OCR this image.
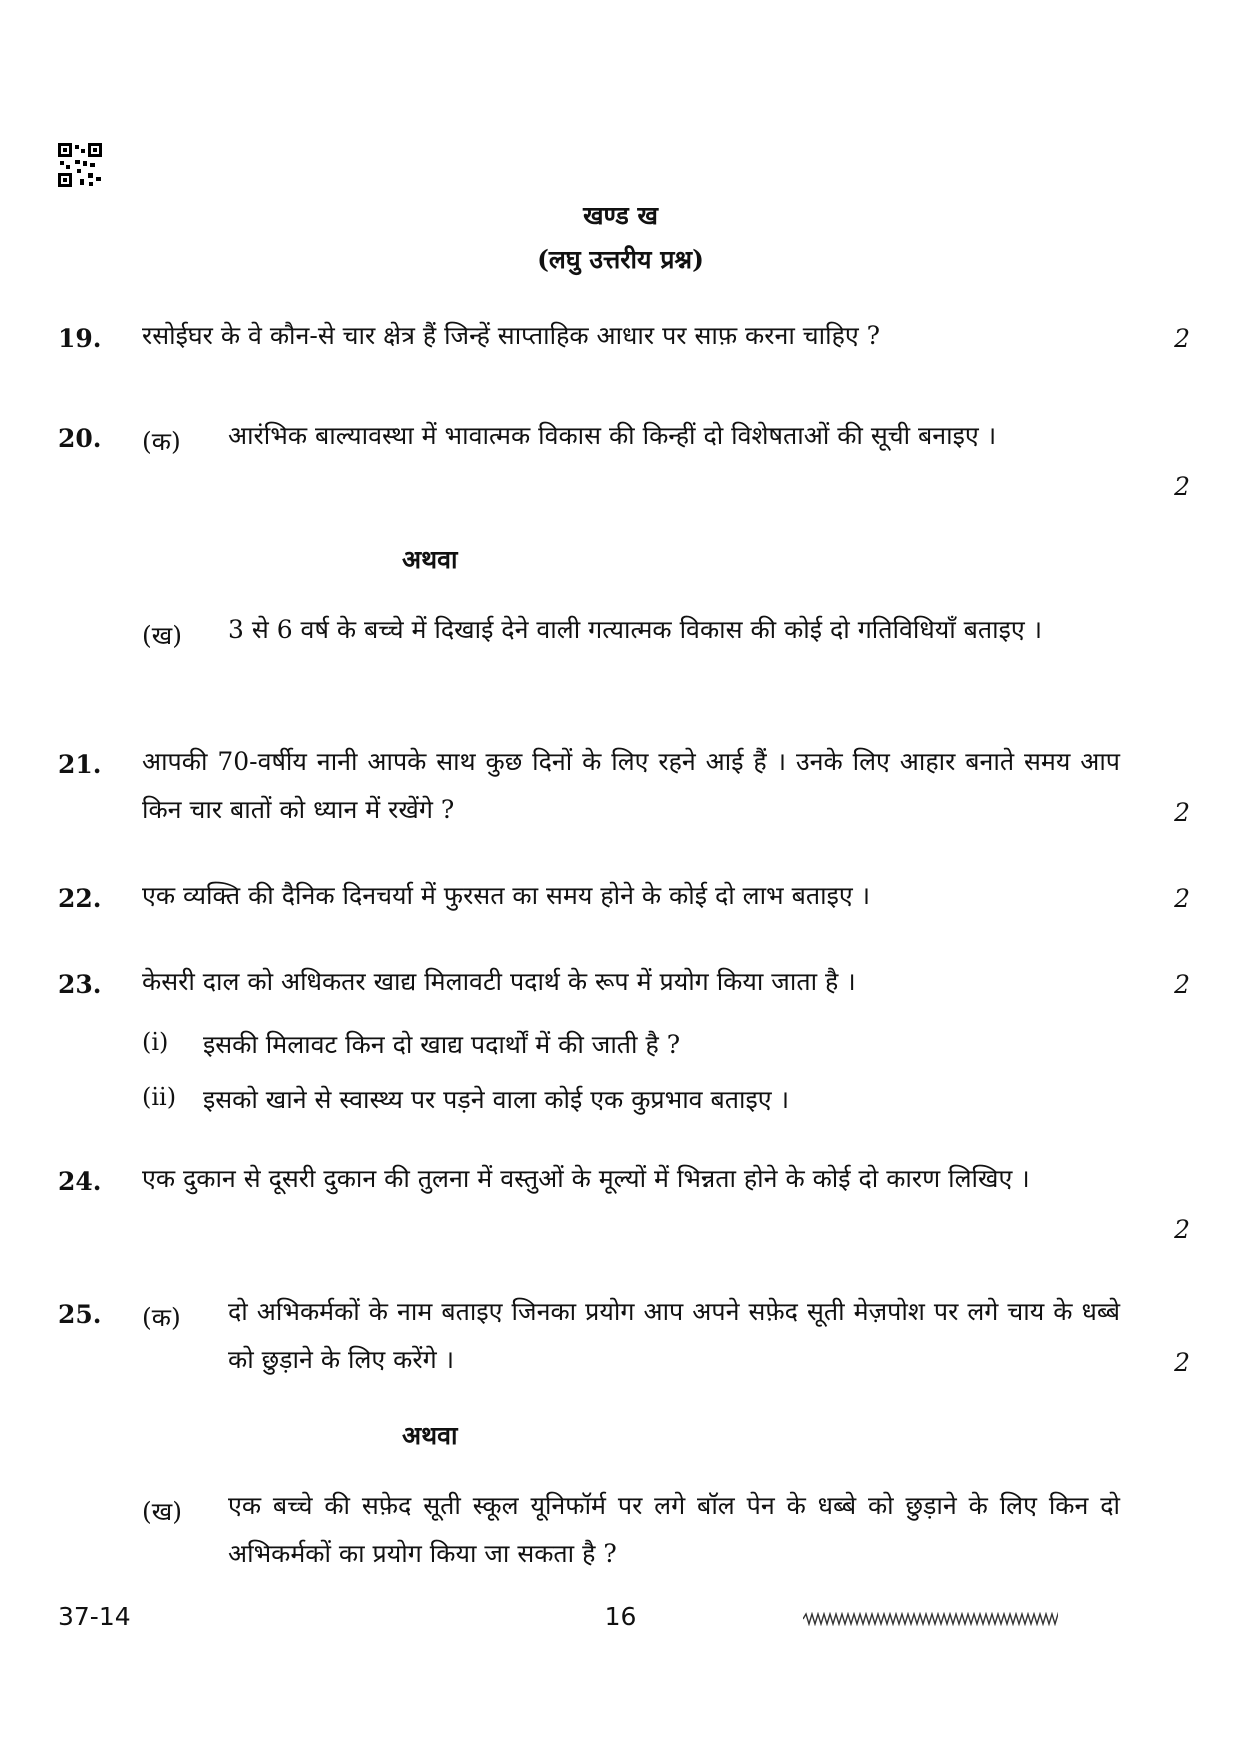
खण्ड ख
(लघु उत्तरीय प्रश्न)
19. रसोईघर के वे कौन-से चार क्षेत्र हैं जिन्हें साप्ताहिक आधार पर साफ़ करना चाहिए ?	2
20. (क) आरंभिक बाल्यावस्था में भावात्मक विकास की किन्हीं दो विशेषताओं की सूची बनाइए ।
2
अथवा
(ख) 3 से 6 वर्ष के बच्चे में दिखाई देने वाली गत्यात्मक विकास की कोई दो गतिविधियाँ बताइए ।
21. आपकी 70-वर्षीय नानी आपके साथ कुछ दिनों के लिए रहने आई हैं । उनके लिए आहार बनाते समय आप किन चार बातों को ध्यान में रखेंगे ?	2
22. एक व्यक्ति की दैनिक दिनचर्या में फुरसत का समय होने के कोई दो लाभ बताइए ।	2
23. केसरी दाल को अधिकतर खाद्य मिलावटी पदार्थ के रूप में प्रयोग किया जाता है ।	2
(i) इसकी मिलावट किन दो खाद्य पदार्थों में की जाती है ?
(ii) इसको खाने से स्वास्थ्य पर पड़ने वाला कोई एक कुप्रभाव बताइए ।
24. एक दुकान से दूसरी दुकान की तुलना में वस्तुओं के मूल्यों में भिन्नता होने के कोई दो कारण लिखिए ।
2
25. (क) दो अभिकर्मकों के नाम बताइए जिनका प्रयोग आप अपने सफ़ेद सूती मेज़पोश पर लगे चाय के धब्बे को छुड़ाने के लिए करेंगे ।	2
अथवा
(ख) एक बच्चे की सफ़ेद सूती स्कूल यूनिफॉर्म पर लगे बॉल पेन के धब्बे को छुड़ाने के लिए किन दो अभिकर्मकों का प्रयोग किया जा सकता है ?
37-14	16
